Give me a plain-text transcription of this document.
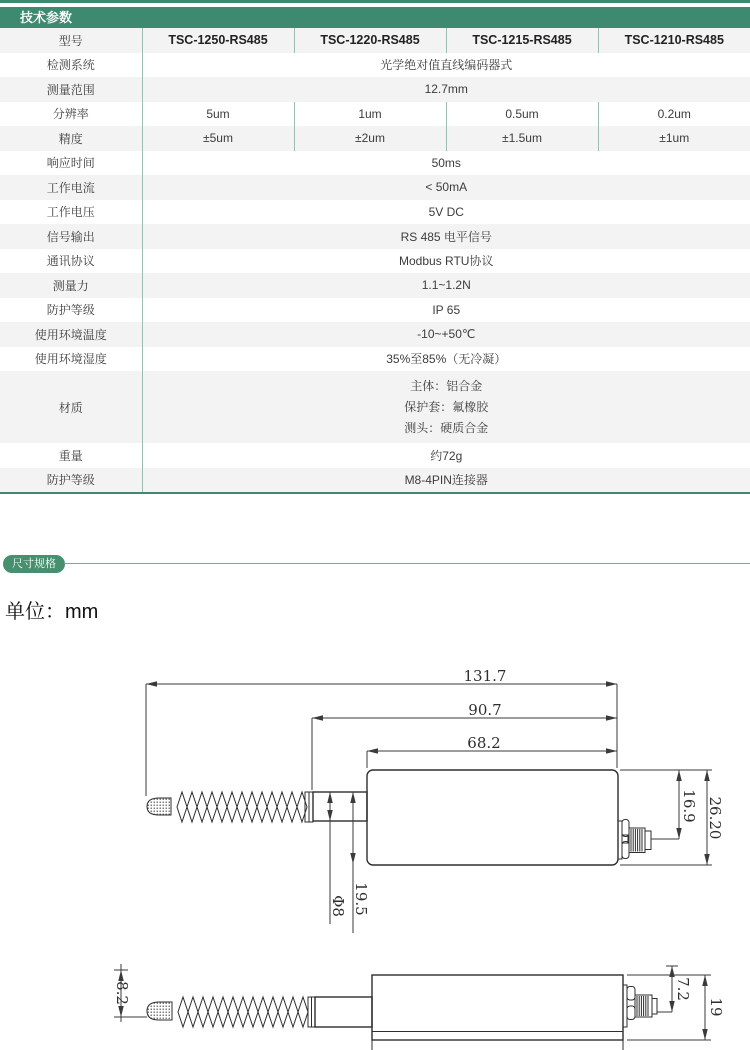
技术参数
型号	TSC-1250-RS485	TSC-1220-RS485	TSC-1215-RS485	TSC-1210-RS485
检测系统	光学绝对值直线编码器式			
测量范围	12.7mm			
分辨率	5um	1um	0.5um	0.2um
精度	±5um	±2um	±1.5um	±1um
响应时间	50ms			
工作电流	< 50mA			
工作电压	5V DC			
信号输出	RS 485 电平信号			
通讯协议	Modbus RTU协议			
测量力	1.1~1.2N			
防护等级	IP 65			
使用环境温度	-10~+50℃			
使用环境湿度	35%至85%（无冷凝）			
材质	主体：铝合金
保护套：氟橡胶
测头：硬质合金			

重量	约72g			
防护等级	M8-4PIN连接器			
尺寸规格
单位：mm
131.7
90.7
68.2
Φ8 19.5
16.9 26.20
8.2	7.2
19
